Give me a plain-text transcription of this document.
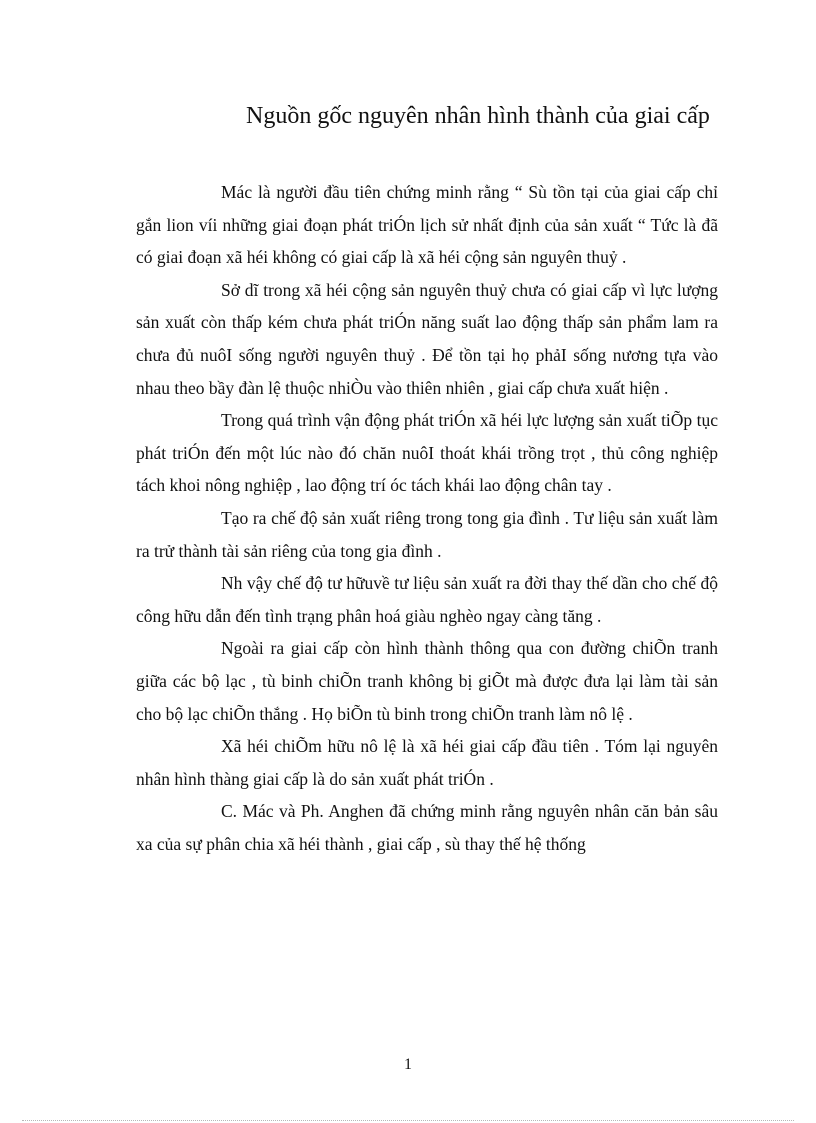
Nguồn gốc nguyên nhân hình thành của giai cấp

Mác là người đầu tiên chứng minh rằng “ Sù tồn tại của giai cấp chỉ gắn lion víi những giai đoạn phát triÓn lịch sử nhất định của sản xuất “ Tức là đã có giai đoạn xã héi không có giai cấp là xã héi cộng sản nguyên thuỷ .

Sở dĩ trong xã héi cộng sản nguyên thuỷ chưa có giai cấp vì lực lượng sản xuất còn thấp kém chưa phát triÓn năng suất lao động thấp sản phẩm lam ra chưa đủ nuôI sống người nguyên thuỷ . Để tồn tại họ phảI sống nương tựa vào nhau theo bầy đàn lệ thuộc nhiÒu vào thiên nhiên , giai cấp chưa xuất hiện .

Trong quá trình vận động phát triÓn xã héi lực lượng sản xuất tiÕp tục phát triÓn đến một lúc nào đó chăn nuôI thoát khái trồng trọt , thủ công nghiệp tách khoi nông nghiệp , lao động trí óc tách khái lao động chân tay .

Tạo ra chế độ sản xuất riêng trong tong gia đình . Tư liệu sản xuất làm ra trử thành tài sản riêng của tong gia đình .

Nh vậy chế độ tư hữuvề tư liệu sản xuất ra đời thay thế dần cho chế độ công hữu dẫn đến tình trạng phân hoá giàu nghèo ngay càng tăng .

Ngoài ra giai cấp còn hình thành thông qua con đường chiÕn tranh giữa các bộ lạc , tù binh chiÕn tranh không bị giÕt mà được đưa lại làm tài sản cho bộ lạc chiÕn thắng . Họ biÕn tù binh trong chiÕn tranh làm nô lệ .

Xã héi chiÕm hữu nô lệ là xã héi giai cấp đầu tiên . Tóm lại nguyên nhân hình thàng giai cấp là do sản xuất phát triÓn .

C. Mác và Ph. Anghen đã chứng minh rằng nguyên nhân căn bản sâu xa của sự phân chia xã héi thành , giai cấp , sù thay thế hệ thống

1
